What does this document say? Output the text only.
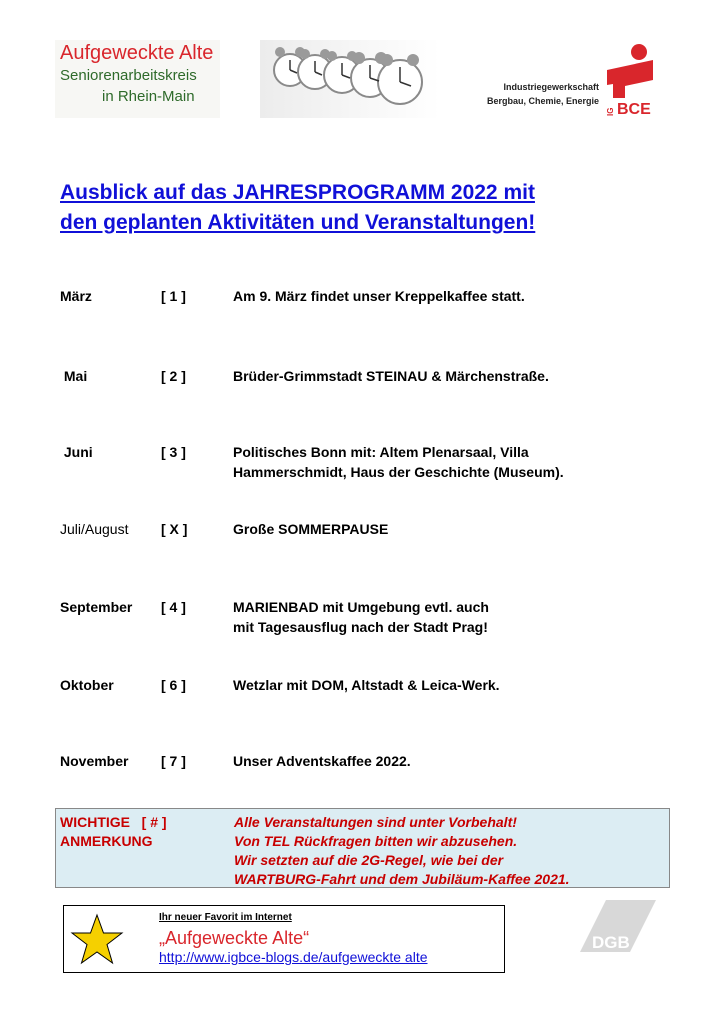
Aufgeweckte Alte
Seniorenarbeitskreis
in Rhein-Main
Industriegewerkschaft
Bergbau, Chemie, Energie BCE
IG
Ausblick auf das JAHRESPROGRAMM 2022 mit
den geplanten Aktivitäten und Veranstaltungen!
März	[ 1 ]	Am 9. März findet unser Kreppelkaffee statt.
Mai	[ 2 ]	Brüder-Grimmstadt STEINAU & Märchenstraße.
Juni	[ 3 ]	Politisches Bonn mit: Altem Plenarsaal, Villa
Hammerschmidt, Haus der Geschichte (Museum).
Juli/August [ X ]	Große SOMMERPAUSE
September [ 4 ]	MARIENBAD mit Umgebung evtl. auch
mit Tagesausflug nach der Stadt Prag!
Oktober	[ 6 ]	Wetzlar mit DOM, Altstadt & Leica-Werk.
November [ 7 ]	Unser Adventskaffee 2022.
WICHTIGE   [ # ]
ANMERKUNG
Alle Veranstaltungen sind unter Vorbehalt!
Von TEL Rückfragen bitten wir abzusehen.
Wir setzten auf die 2G-Regel, wie bei der
WARTBURG-Fahrt und dem Jubiläum-Kaffee 2021.
Ihr neuer Favorit im Internet
„Aufgeweckte Alte“
http://www.igbce-blogs.de/aufgeweckte alte
DGB
